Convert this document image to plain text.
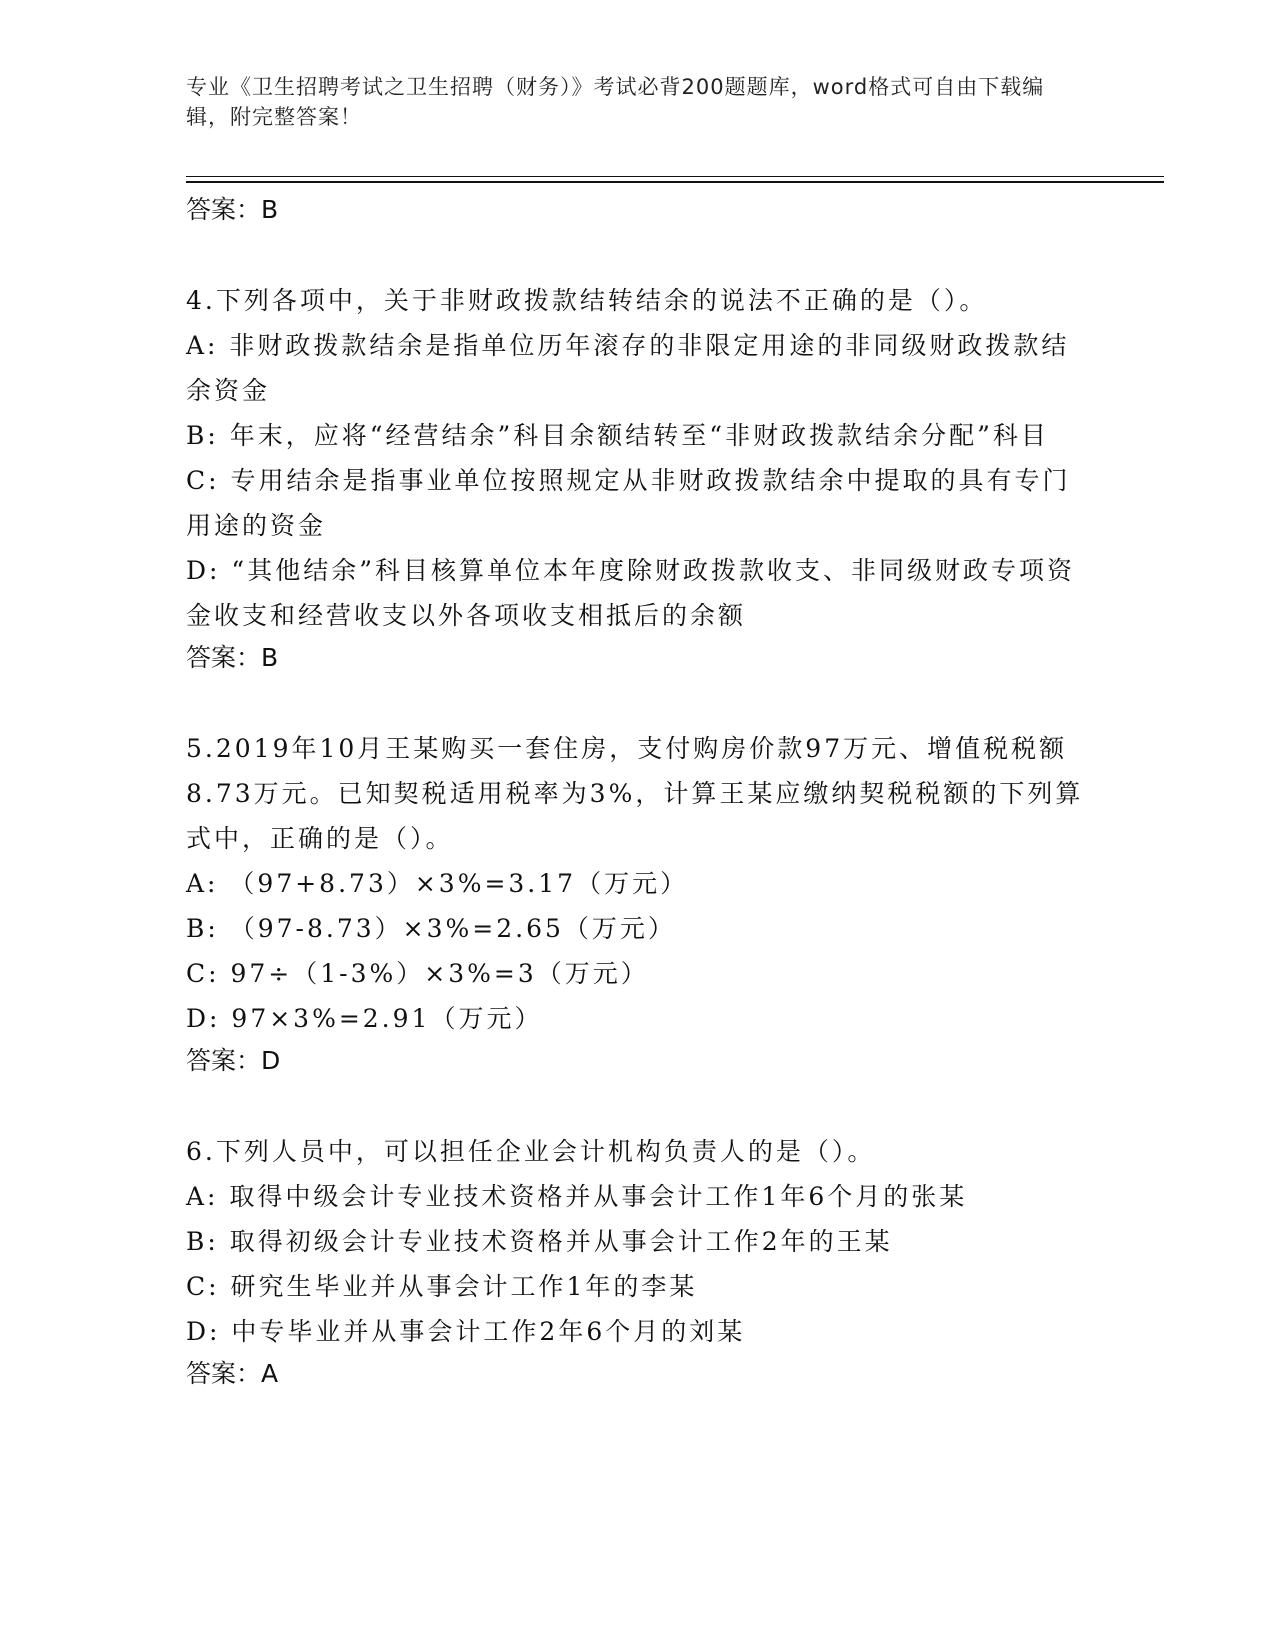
专业《卫生招聘考试之卫生招聘（财务）》考试必背200题题库，word格式可自由下载编辑，附完整答案！

答案：B

4.下列各项中，关于非财政拨款结转结余的说法不正确的是（）。

A: 非财政拨款结余是指单位历年滚存的非限定用途的非同级财政拨款结余资金

B: 年末，应将“经营结余”科目余额结转至“非财政拨款结余分配”科目

C: 专用结余是指事业单位按照规定从非财政拨款结余中提取的具有专门用途的资金

D: “其他结余”科目核算单位本年度除财政拨款收支、非同级财政专项资金收支和经营收支以外各项收支相抵后的余额

答案：B

5.2019年10月王某购买一套住房，支付购房价款97万元、增值税税额8.73万元。已知契税适用税率为3%，计算王某应缴纳契税税额的下列算式中，正确的是（）。

A: （97+8.73）×3%=3.17（万元）

B: （97-8.73）×3%=2.65（万元）

C: 97÷（1-3%）×3%=3（万元）

D: 97×3%=2.91（万元）

答案：D

6.下列人员中，可以担任企业会计机构负责人的是（）。

A: 取得中级会计专业技术资格并从事会计工作1年6个月的张某

B: 取得初级会计专业技术资格并从事会计工作2年的王某

C: 研究生毕业并从事会计工作1年的李某

D: 中专毕业并从事会计工作2年6个月的刘某

答案：A
